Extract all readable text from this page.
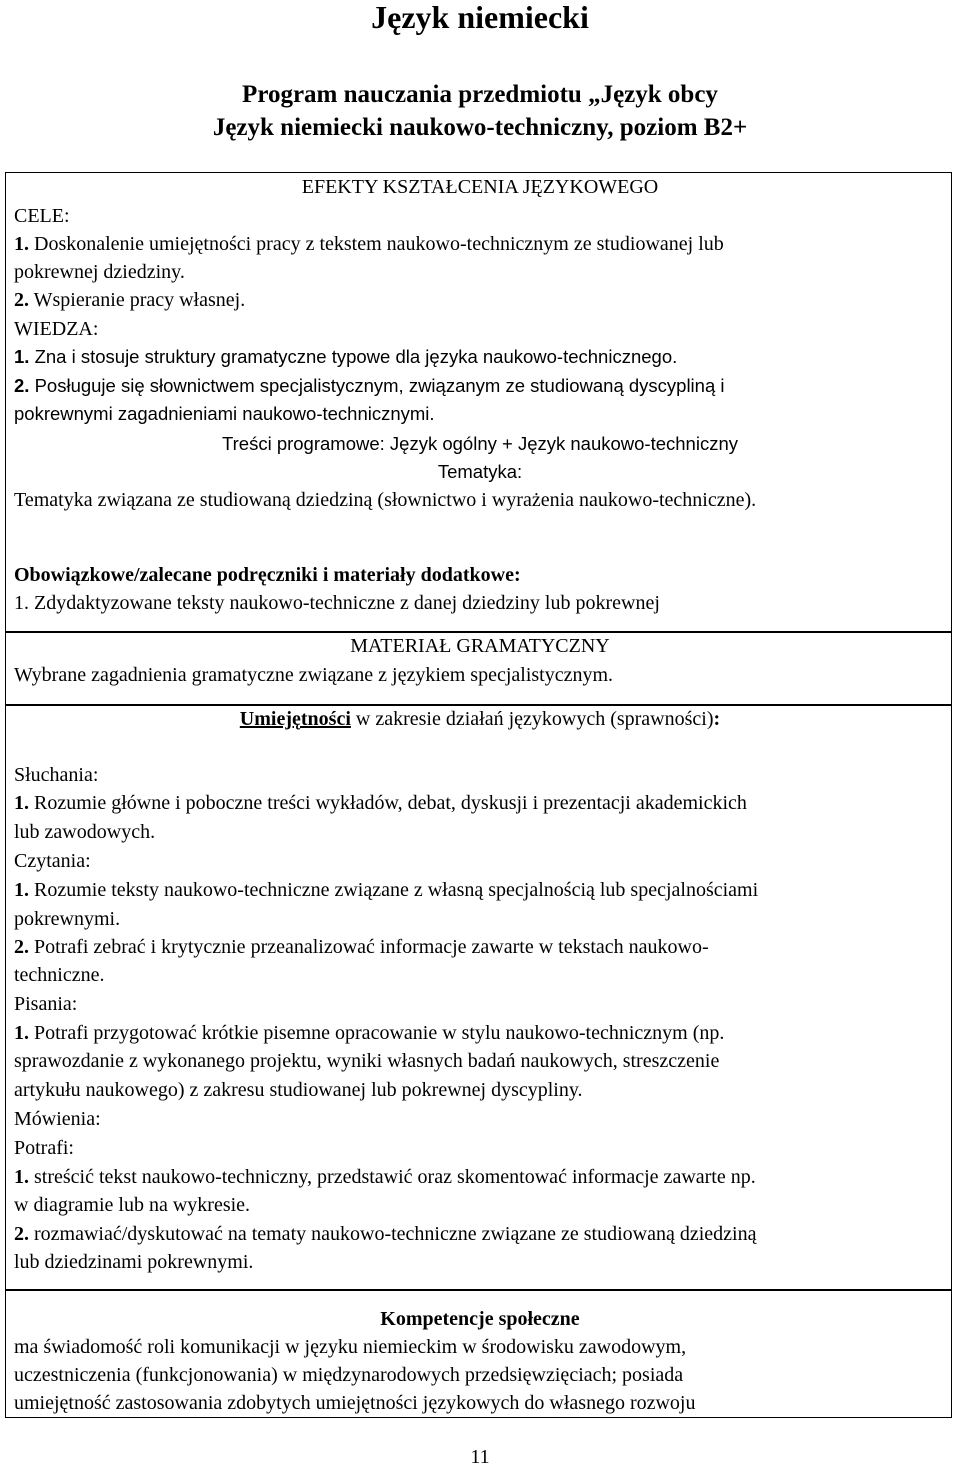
Język niemiecki
Program nauczania przedmiotu „Język obcy
Język niemiecki naukowo-techniczny, poziom B2+
EFEKTY KSZTAŁCENIA JĘZYKOWEGO
CELE:
1. Doskonalenie umiejętności pracy z tekstem naukowo-technicznym ze studiowanej lub
pokrewnej dziedziny.
2. Wspieranie pracy własnej.
WIEDZA:
1. Zna i stosuje struktury gramatyczne typowe dla języka naukowo-technicznego.
2. Posługuje się słownictwem specjalistycznym, związanym ze studiowaną dyscypliną i
pokrewnymi zagadnieniami naukowo-technicznymi.
Treści programowe: Język ogólny + Język naukowo-techniczny
Tematyka:
Tematyka związana ze studiowaną dziedziną (słownictwo i wyrażenia naukowo-techniczne).
Obowiązkowe/zalecane podręczniki i materiały dodatkowe:
1. Zdydaktyzowane teksty naukowo-techniczne z danej dziedziny lub pokrewnej
MATERIAŁ GRAMATYCZNY
Wybrane zagadnienia gramatyczne związane z językiem specjalistycznym.
Umiejętności w zakresie działań językowych (sprawności):
Słuchania:
1. Rozumie główne i poboczne treści wykładów, debat, dyskusji i prezentacji akademickich
lub zawodowych.
Czytania:
1. Rozumie teksty naukowo-techniczne związane z własną specjalnością lub specjalnościami
pokrewnymi.
2. Potrafi zebrać i krytycznie przeanalizować informacje zawarte w tekstach naukowo-
techniczne.
Pisania:
1. Potrafi przygotować krótkie pisemne opracowanie w stylu naukowo-technicznym (np.
sprawozdanie z wykonanego projektu, wyniki własnych badań naukowych, streszczenie
artykułu naukowego) z zakresu studiowanej lub pokrewnej dyscypliny.
Mówienia:
Potrafi:
1. streścić tekst naukowo-techniczny, przedstawić oraz skomentować informacje zawarte np.
w diagramie lub na wykresie.
2. rozmawiać/dyskutować na tematy naukowo-techniczne związane ze studiowaną dziedziną
lub dziedzinami pokrewnymi.
Kompetencje społeczne
ma świadomość roli komunikacji w języku niemieckim w środowisku zawodowym,
uczestniczenia (funkcjonowania) w międzynarodowych przedsięwzięciach; posiada
umiejętność zastosowania zdobytych umiejętności językowych do własnego rozwoju
11
